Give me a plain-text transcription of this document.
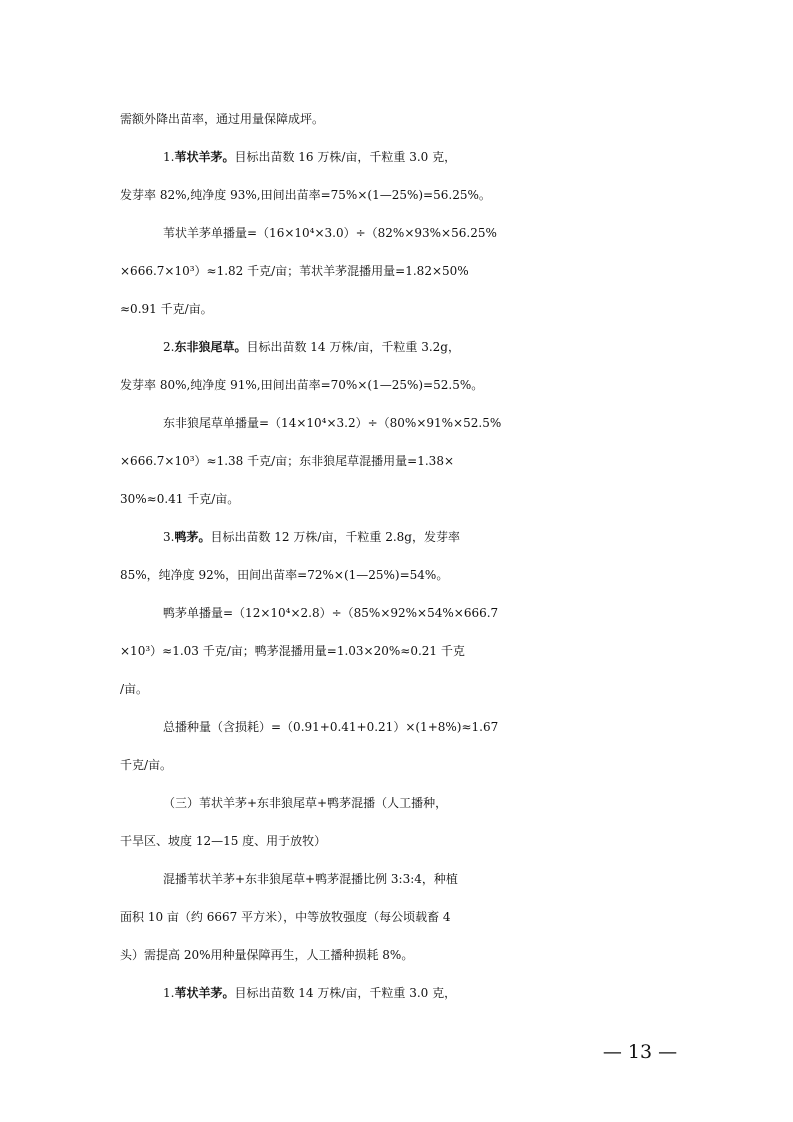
需额外降出苗率，通过用量保障成坪。
1.苇状羊茅。目标出苗数 16 万株/亩，千粒重 3.0 克，
发芽率 82%,纯净度 93%,田间出苗率=75%×(1—25%)=56.25%。
苇状羊茅单播量=（16×10⁴×3.0）÷（82%×93%×56.25%
×666.7×10³）≈1.82 千克/亩；苇状羊茅混播用量=1.82×50%
≈0.91 千克/亩。
2.东非狼尾草。目标出苗数 14 万株/亩，千粒重 3.2g，
发芽率 80%,纯净度 91%,田间出苗率=70%×(1—25%)=52.5%。
东非狼尾草单播量=（14×10⁴×3.2）÷（80%×91%×52.5%
×666.7×10³）≈1.38 千克/亩；东非狼尾草混播用量=1.38×
30%≈0.41 千克/亩。
3.鸭茅。目标出苗数 12 万株/亩，千粒重 2.8g，发芽率
85%，纯净度 92%，田间出苗率=72%×(1—25%)=54%。
鸭茅单播量=（12×10⁴×2.8）÷（85%×92%×54%×666.7
×10³）≈1.03 千克/亩；鸭茅混播用量=1.03×20%≈0.21 千克
/亩。
总播种量（含损耗）=（0.91+0.41+0.21）×(1+8%)≈1.67
千克/亩。
（三）苇状羊茅+东非狼尾草+鸭茅混播（人工播种，
干旱区、坡度 12—15 度、用于放牧）
混播苇状羊茅+东非狼尾草+鸭茅混播比例 3:3:4，种植
面积 10 亩（约 6667 平方米），中等放牧强度（每公顷载畜 4
头）需提高 20%用种量保障再生，人工播种损耗 8%。
1.苇状羊茅。目标出苗数 14 万株/亩，千粒重 3.0 克，
— 13 —
